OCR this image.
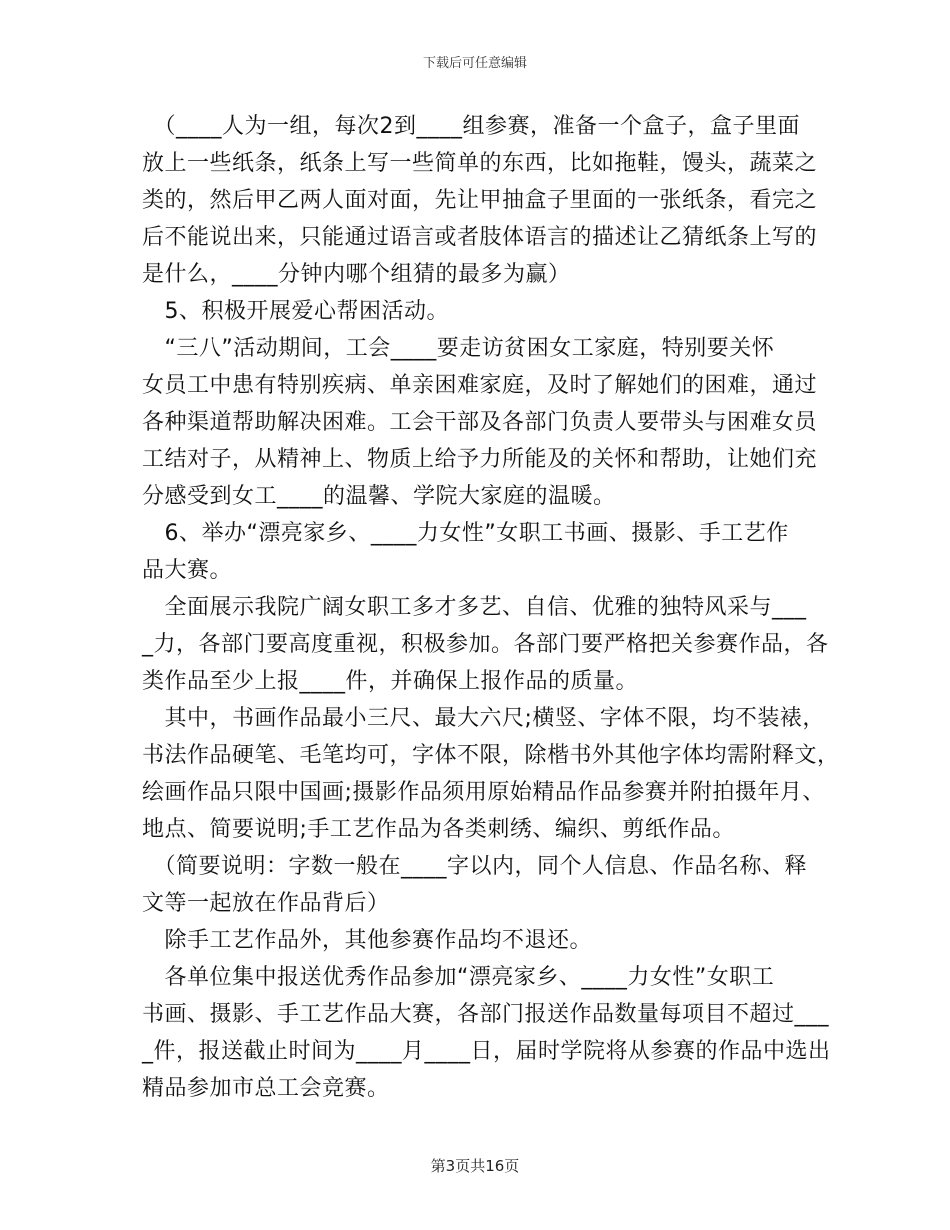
下载后可任意编辑
　（____人为一组，每次2到____组参赛，准备一个盒子，盒子里面
放上一些纸条，纸条上写一些简单的东西，比如拖鞋，馒头，蔬菜之
类的，然后甲乙两人面对面，先让甲抽盒子里面的一张纸条，看完之
后不能说出来，只能通过语言或者肢体语言的描述让乙猜纸条上写的
是什么，____分钟内哪个组猜的最多为赢）
　5、积极开展爱心帮困活动。
　“三八”活动期间，工会____要走访贫困女工家庭，特别要关怀
女员工中患有特别疾病、单亲困难家庭，及时了解她们的困难，通过
各种渠道帮助解决困难。工会干部及各部门负责人要带头与困难女员
工结对子，从精神上、物质上给予力所能及的关怀和帮助，让她们充
分感受到女工____的温馨、学院大家庭的温暖。
　6、举办“漂亮家乡、____力女性”女职工书画、摄影、手工艺作
品大赛。
　全面展示我院广阔女职工多才多艺、自信、优雅的独特风采与___
_力，各部门要高度重视，积极参加。各部门要严格把关参赛作品，各
类作品至少上报____件，并确保上报作品的质量。
　其中，书画作品最小三尺、最大六尺;横竖、字体不限，均不装裱，
书法作品硬笔、毛笔均可，字体不限，除楷书外其他字体均需附释文，
绘画作品只限中国画;摄影作品须用原始精品作品参赛并附拍摄年月、
地点、简要说明;手工艺作品为各类刺绣、编织、剪纸作品。
　（简要说明：字数一般在____字以内，同个人信息、作品名称、释
文等一起放在作品背后）
　除手工艺作品外，其他参赛作品均不退还。
　各单位集中报送优秀作品参加“漂亮家乡、____力女性”女职工
书画、摄影、手工艺作品大赛，各部门报送作品数量每项目不超过___
_件，报送截止时间为____月____日，届时学院将从参赛的作品中选出
精品参加市总工会竞赛。
第3页共16页
